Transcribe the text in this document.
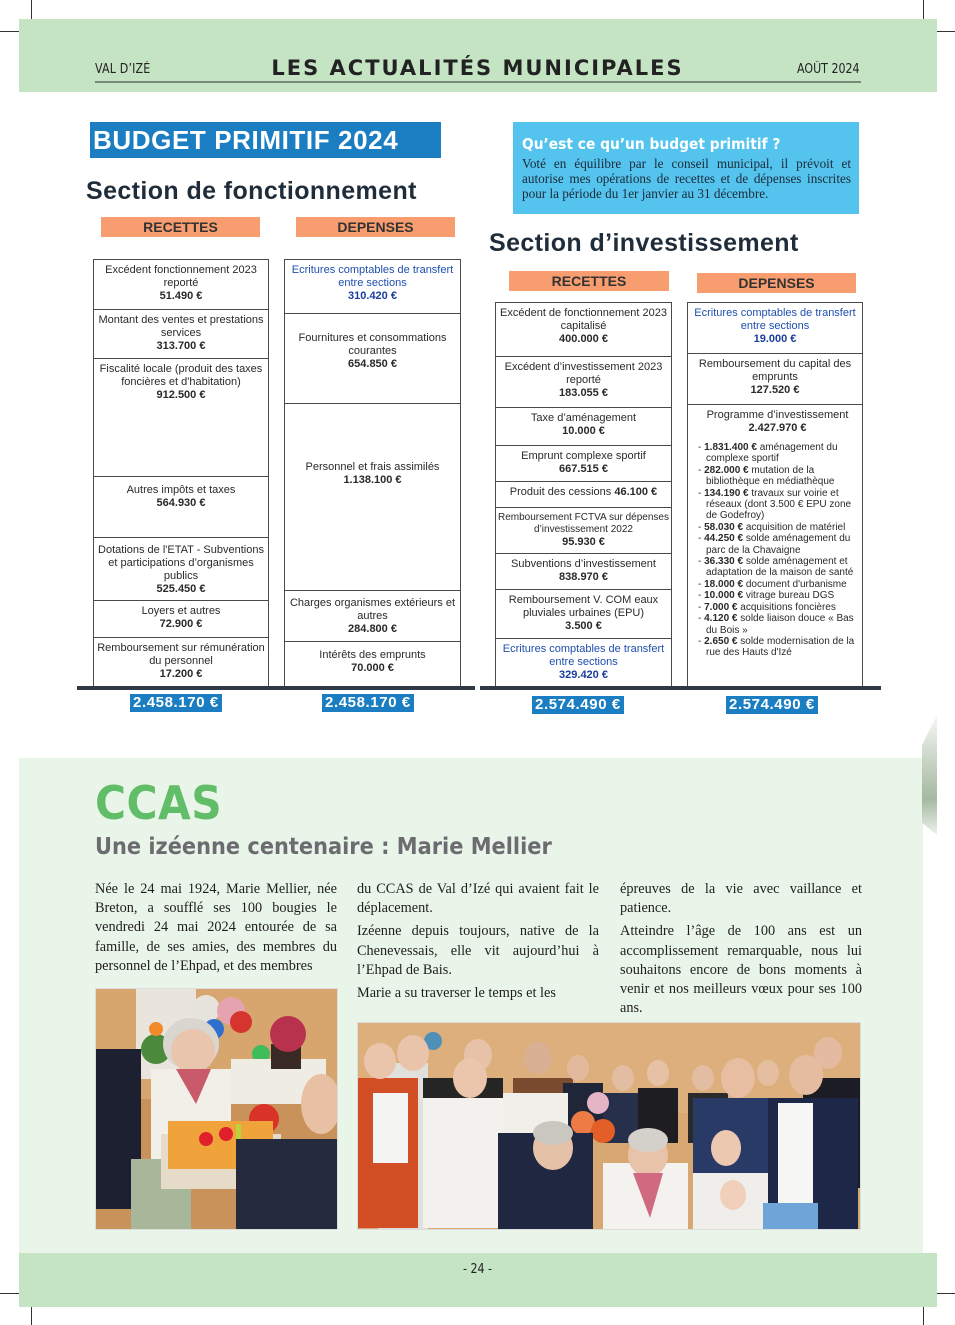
VAL D’IZÉ	LES ACTUALITÉS MUNICIPALES	AOÛT 2024
BUDGET PRIMITIF 2024	Qu’est ce qu’un budget primitif ?
Voté en équilibre par le conseil municipal, il prévoit et autorise mes opérations de recettes et de dépenses inscrites pour la période du 1er janvier au 31 décembre.
Section de fonctionnement
RECETTES	DEPENSES
Excédent fonctionnement 2023 reporté
51.490 €
Montant des ventes et prestations services
313.700 €
Fiscalité locale (produit des taxes foncières et d'habitation)
912.500 €
Autres impôts et taxes
564.930 €
Dotations de l'ETAT - Subventions et participations d’organismes publics
525.450 €
Loyers et autres
72.900 €
Remboursement sur rémunération du personnel
17.200 €
Ecritures comptables de transfert entre sections
310.420 €
Fournitures et consommations courantes
654.850 €
Personnel et frais assimilés
1.138.100 €
Charges organismes extérieurs et autres
284.800 €
Intérêts des emprunts
70.000 €
2.458.170 €	2.458.170 €
Section d’investissement
RECETTES	DEPENSES
Excédent de fonctionnement 2023 capitalisé
400.000 €
Excédent d’investissement 2023 reporté
183.055 €
Taxe d’aménagement
10.000 €
Emprunt complexe sportif
667.515 €
Produit des cessions 46.100 €
Remboursement FCTVA sur dépenses d’investissement 2022
95.930 €
Subventions d’investissement
838.970 €
Remboursement V. COM eaux pluviales urbaines (EPU)
3.500 €
Ecritures comptables de transfert entre sections
329.420 €
Ecritures comptables de transfert entre sections
19.000 €
Remboursement du capital des emprunts
127.520 €
Programme d’investissement
2.427.970 €
- 1.831.400 € aménagement du complexe sportif
- 282.000 € mutation de la bibliothèque en médiathèque
- 134.190 € travaux sur voirie et réseaux (dont 3.500 € EPU zone de Godefroy)
- 58.030 € acquisition de matériel
- 44.250 € solde aménagement du parc de la Chavaigne
- 36.330 € solde aménagement et adaptation de la maison de santé
- 18.000 € document d'urbanisme
- 10.000 € vitrage bureau DGS
- 7.000 € acquisitions foncières
- 4.120 € solde liaison douce « Bas du Bois »
- 2.650 € solde modernisation de la rue des Hauts d'Izé
2.574.490 €	2.574.490 €
CCAS
Une izéenne centenaire : Marie Mellier

Née le 24 mai 1924, Marie Mellier, née Breton, a soufflé ses 100 bougies le vendredi 24 mai 2024 entourée de sa famille, de ses amies, des membres du personnel de l’Ehpad, et des membres

du CCAS de Val d’Izé qui avaient fait le déplacement.

Izéenne depuis toujours, native de la Chenevessais, elle vit aujourd’hui à l’Ehpad de Bais.

Marie a su traverser le temps et les

épreuves de la vie avec vaillance et patience.

Atteindre l’âge de 100 ans est un accomplissement remarquable, nous lui souhaitons encore de bons moments à venir et nos meilleurs vœux pour ses 100 ans.

- 24 -
